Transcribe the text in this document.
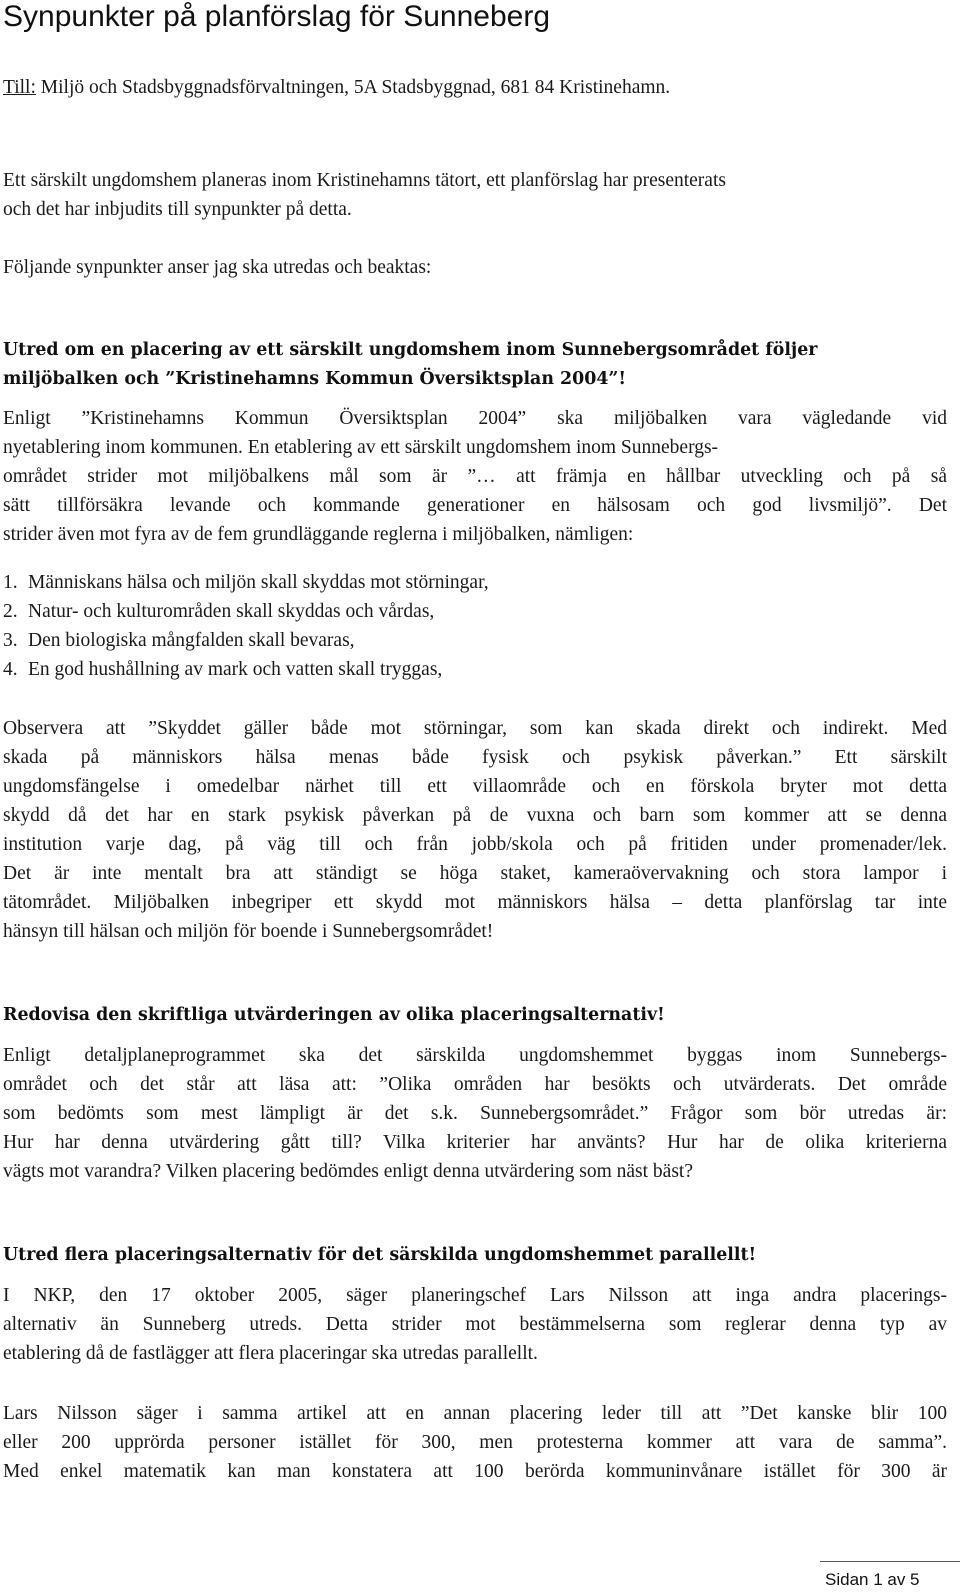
Synpunkter på planförslag för Sunneberg
Till: Miljö och Stadsbyggnadsförvaltningen, 5A Stadsbyggnad, 681 84 Kristinehamn.
Ett särskilt ungdomshem planeras inom Kristinehamns tätort, ett planförslag har presenterats
och det har inbjudits till synpunkter på detta.
Följande synpunkter anser jag ska utredas och beaktas:
Utred om en placering av ett särskilt ungdomshem inom Sunnebergsområdet följer
miljöbalken och ”Kristinehamns Kommun Översiktsplan 2004”!
Enligt ”Kristinehamns Kommun Översiktsplan 2004” ska miljöbalken vara vägledande vid
nyetablering inom kommunen. En etablering av ett särskilt ungdomshem inom Sunnebergs-
området strider mot miljöbalkens mål som är ”… att främja en hållbar utveckling och på så
sätt tillförsäkra levande och kommande generationer en hälsosam och god livsmiljö”. Det
strider även mot fyra av de fem grundläggande reglerna i miljöbalken, nämligen:
1. Människans hälsa och miljön skall skyddas mot störningar,
2. Natur- och kulturområden skall skyddas och vårdas,
3. Den biologiska mångfalden skall bevaras,
4. En god hushållning av mark och vatten skall tryggas,
Observera att ”Skyddet gäller både mot störningar, som kan skada direkt och indirekt. Med
skada på människors hälsa menas både fysisk och psykisk påverkan.” Ett särskilt
ungdomsfängelse i omedelbar närhet till ett villaområde och en förskola bryter mot detta
skydd då det har en stark psykisk påverkan på de vuxna och barn som kommer att se denna
institution varje dag, på väg till och från jobb/skola och på fritiden under promenader/lek.
Det är inte mentalt bra att ständigt se höga staket, kameraövervakning och stora lampor i
tätområdet. Miljöbalken inbegriper ett skydd mot människors hälsa – detta planförslag tar inte
hänsyn till hälsan och miljön för boende i Sunnebergsområdet!
Redovisa den skriftliga utvärderingen av olika placeringsalternativ!
Enligt detaljplaneprogrammet ska det särskilda ungdomshemmet byggas inom Sunnebergs-
området och det står att läsa att: ”Olika områden har besökts och utvärderats. Det område
som bedömts som mest lämpligt är det s.k. Sunnebergsområdet.” Frågor som bör utredas är:
Hur har denna utvärdering gått till? Vilka kriterier har använts? Hur har de olika kriterierna
vägts mot varandra? Vilken placering bedömdes enligt denna utvärdering som näst bäst?
Utred flera placeringsalternativ för det särskilda ungdomshemmet parallellt!
I NKP, den 17 oktober 2005, säger planeringschef Lars Nilsson att inga andra placerings-
alternativ än Sunneberg utreds. Detta strider mot bestämmelserna som reglerar denna typ av
etablering då de fastlägger att flera placeringar ska utredas parallellt.
Lars Nilsson säger i samma artikel att en annan placering leder till att ”Det kanske blir 100
eller 200 upprörda personer istället för 300, men protesterna kommer att vara de samma”.
Med enkel matematik kan man konstatera att 100 berörda kommuninvånare istället för 300 är
Sidan 1 av 5
